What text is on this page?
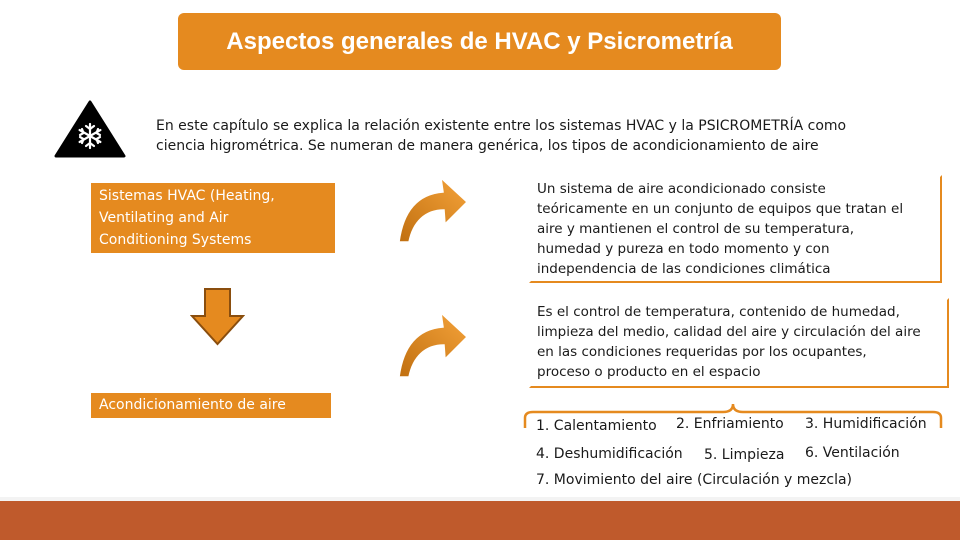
Aspectos generales de HVAC y Psicrometría
En este capítulo se explica la relación existente entre los sistemas HVAC y la PSICROMETRÍA como
ciencia higrométrica. Se numeran de manera genérica, los tipos de acondicionamiento de aire
Sistemas HVAC (Heating,
Ventilating and Air
Conditioning Systems
Acondicionamiento de aire
Un sistema de aire acondicionado consiste
teóricamente en un conjunto de equipos que tratan el
aire y mantienen el control de su temperatura,
humedad y pureza en todo momento y con
independencia de las condiciones climática
Es el control de temperatura, contenido de humedad,
limpieza del medio, calidad del aire y circulación del aire
en las condiciones requeridas por los ocupantes,
proceso o producto en el espacio
1. Calentamiento 2. Enfriamiento 3. Humidificación
4. Deshumidificación 5. Limpieza 6. Ventilación
7. Movimiento del aire (Circulación y mezcla)
